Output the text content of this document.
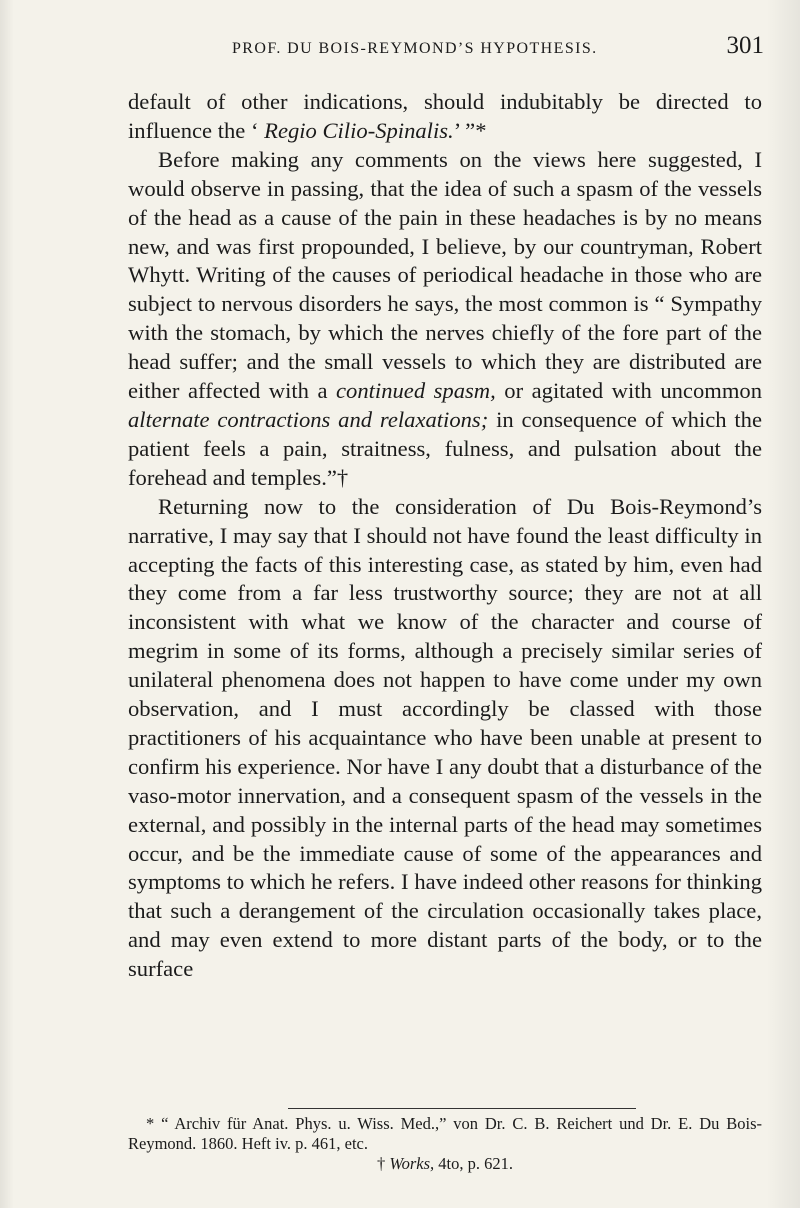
PROF. DU BOIS-REYMOND’S HYPOTHESIS.	301

default of other indications, should indubitably be directed to influence the ‘ Regio Cilio-Spinalis.’ ”*

Before making any comments on the views here suggested, I would observe in passing, that the idea of such a spasm of the vessels of the head as a cause of the pain in these headaches is by no means new, and was first propounded, I believe, by our countryman, Robert Whytt. Writing of the causes of periodical headache in those who are subject to nervous disorders he says, the most common is “ Sympathy with the stomach, by which the nerves chiefly of the fore part of the head suffer; and the small vessels to which they are distributed are either affected with a continued spasm, or agitated with uncommon alternate contractions and relaxations; in consequence of which the patient feels a pain, straitness, fulness, and pulsation about the forehead and temples.”†

Returning now to the consideration of Du Bois-Reymond’s narrative, I may say that I should not have found the least difficulty in accepting the facts of this interesting case, as stated by him, even had they come from a far less trustworthy source; they are not at all inconsistent with what we know of the character and course of megrim in some of its forms, although a precisely similar series of unilateral phenomena does not happen to have come under my own observation, and I must accordingly be classed with those practitioners of his acquaintance who have been unable at present to confirm his experience. Nor have I any doubt that a disturbance of the vaso-motor innervation, and a consequent spasm of the vessels in the external, and possibly in the internal parts of the head may sometimes occur, and be the immediate cause of some of the appearances and symptoms to which he refers. I have indeed other reasons for thinking that such a derangement of the circulation occasionally takes place, and may even extend to more distant parts of the body, or to the surface

* “ Archiv für Anat. Phys. u. Wiss. Med.,” von Dr. C. B. Reichert und Dr. E. Du Bois-Reymond. 1860. Heft iv. p. 461, etc.

† Works, 4to, p. 621.
